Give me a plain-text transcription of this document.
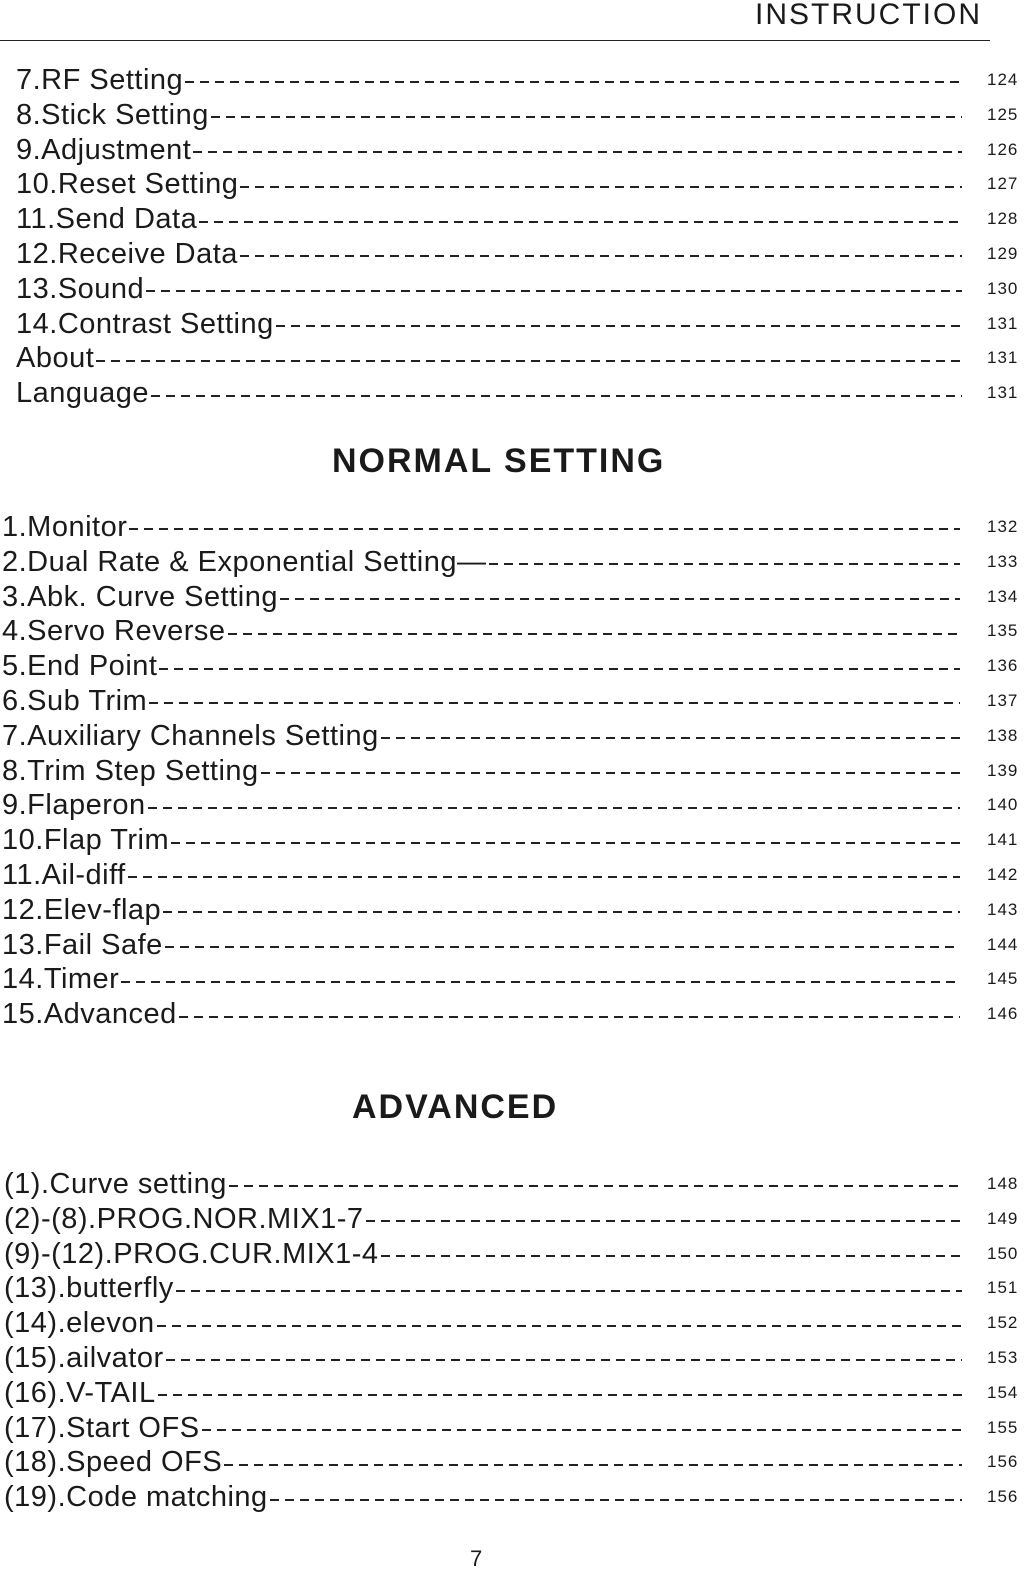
INSTRUCTION
7.RF Setting	124
8.Stick Setting	125
9.Adjustment	126
10.Reset Setting	127
11.Send Data	128
12.Receive Data	129
13.Sound	130
14.Contrast Setting	131
About	131
Language	131
NORMAL SETTING
1.Monitor	132
2.Dual Rate & Exponential Setting—	133
3.Abk. Curve Setting	134
4.Servo Reverse	135
5.End Point	136
6.Sub Trim	137
7.Auxiliary Channels Setting	138
8.Trim Step Setting	139
9.Flaperon	140
10.Flap Trim	141
11.Ail-diff	142
12.Elev-flap	143
13.Fail Safe	144
14.Timer	145
15.Advanced	146
ADVANCED
(1).Curve setting	148
(2)-(8).PROG.NOR.MIX1-7	149
(9)-(12).PROG.CUR.MIX1-4	150
(13).butterfly	151
(14).elevon	152
(15).ailvator	153
(16).V-TAIL	154
(17).Start OFS	155
(18).Speed OFS	156
(19).Code matching	156
7
